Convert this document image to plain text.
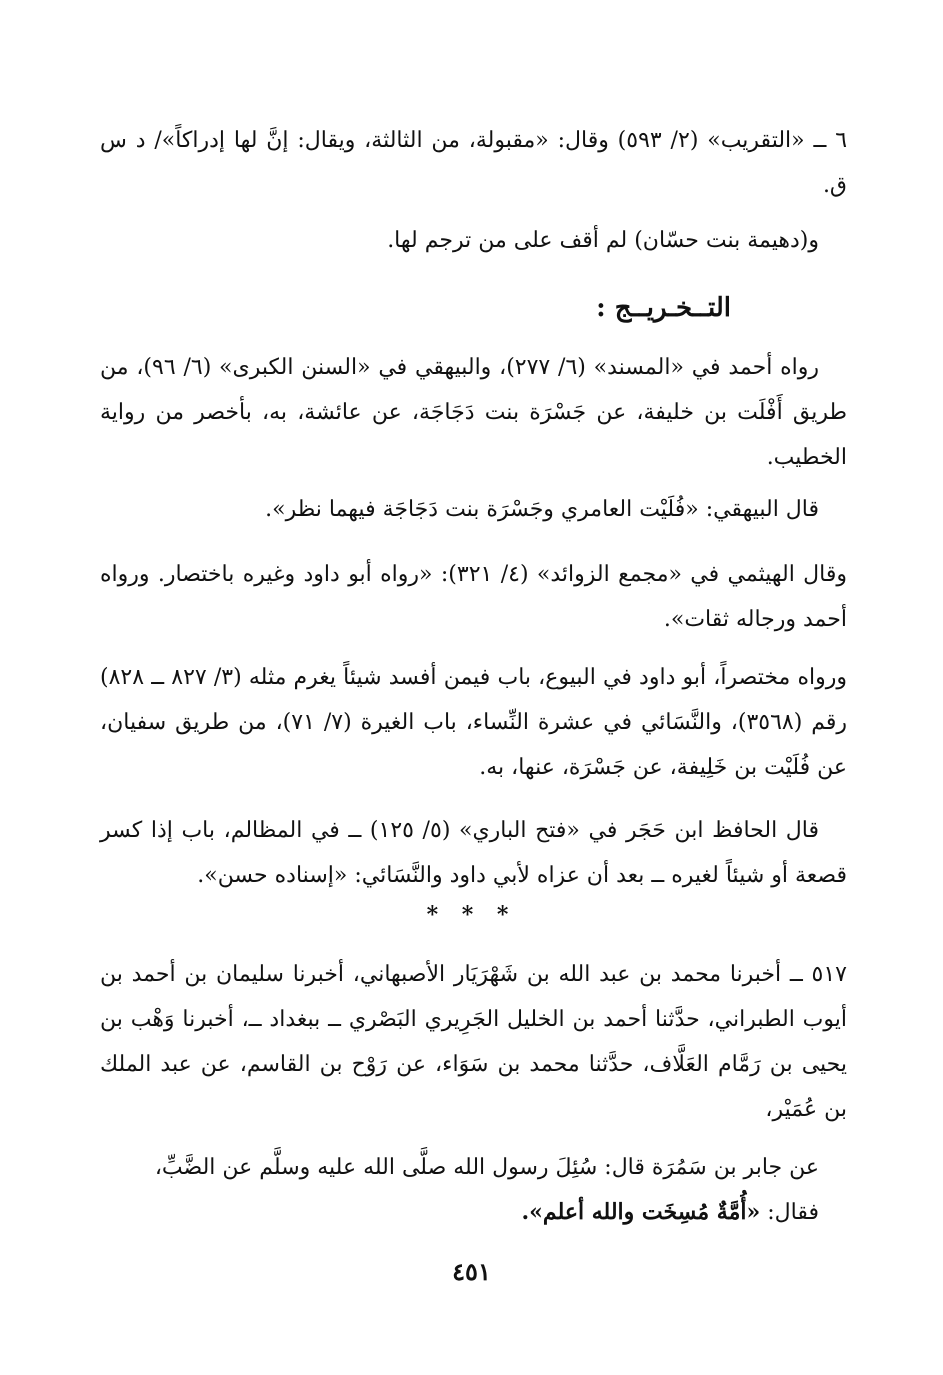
٦ ــ «التقريب» (٢/ ٥٩٣) وقال: «مقبولة، من الثالثة، ويقال: إنَّ لها إدراكاً»/ د س ق.
و(دهيمة بنت حسّان) لم أقف على من ترجم لها.
التــخـريــج :
رواه أحمد في «المسند» (٦/ ٢٧٧)، والبيهقي في «السنن الكبرى» (٦/ ٩٦)، من طريق أَفْلَت بن خليفة، عن جَسْرَة بنت دَجَاجَة، عن عائشة، به، بأخصر من رواية الخطيب.
قال البيهقي: «فُلَيْت العامري وجَسْرَة بنت دَجَاجَة فيهما نظر».
وقال الهيثمي في «مجمع الزوائد» (٤/ ٣٢١): «رواه أبو داود وغيره باختصار. ورواه أحمد ورجاله ثقات».
ورواه مختصراً، أبو داود في البيوع، باب فيمن أفسد شيئاً يغرم مثله (٣/ ٨٢٧ ــ ٨٢٨) رقم (٣٥٦٨)، والنَّسَائي في عشرة النِّساء، باب الغيرة (٧/ ٧١)، من طريق سفيان، عن فُلَيْت بن خَلِيفة، عن جَسْرَة، عنها، به.
قال الحافظ ابن حَجَر في «فتح الباري» (٥/ ١٢٥) ــ في المظالم، باب إذا كسر قصعة أو شيئاً لغيره ــ بعد أن عزاه لأبي داود والنَّسَائي: «إسناده حسن».
* * *
٥١٧ ــ أخبرنا محمد بن عبد الله بن شَهْرَيَار الأصبهاني، أخبرنا سليمان بن أحمد بن أيوب الطبراني، حدَّثنا أحمد بن الخليل الجَرِيري البَصْري ــ ببغداد ــ، أخبرنا وَهْب بن يحيى بن رَمَّام العَلَّاف، حدَّثنا محمد بن سَوَاء، عن رَوْح بن القاسم، عن عبد الملك بن عُمَيْر،
عن جابر بن سَمُرَة قال: سُئِلَ رسول الله صلَّى الله عليه وسلَّم عن الضَّبِّ،
فقال: «أُمَّةٌ مُسِخَت والله أعلم».
٤٥١
